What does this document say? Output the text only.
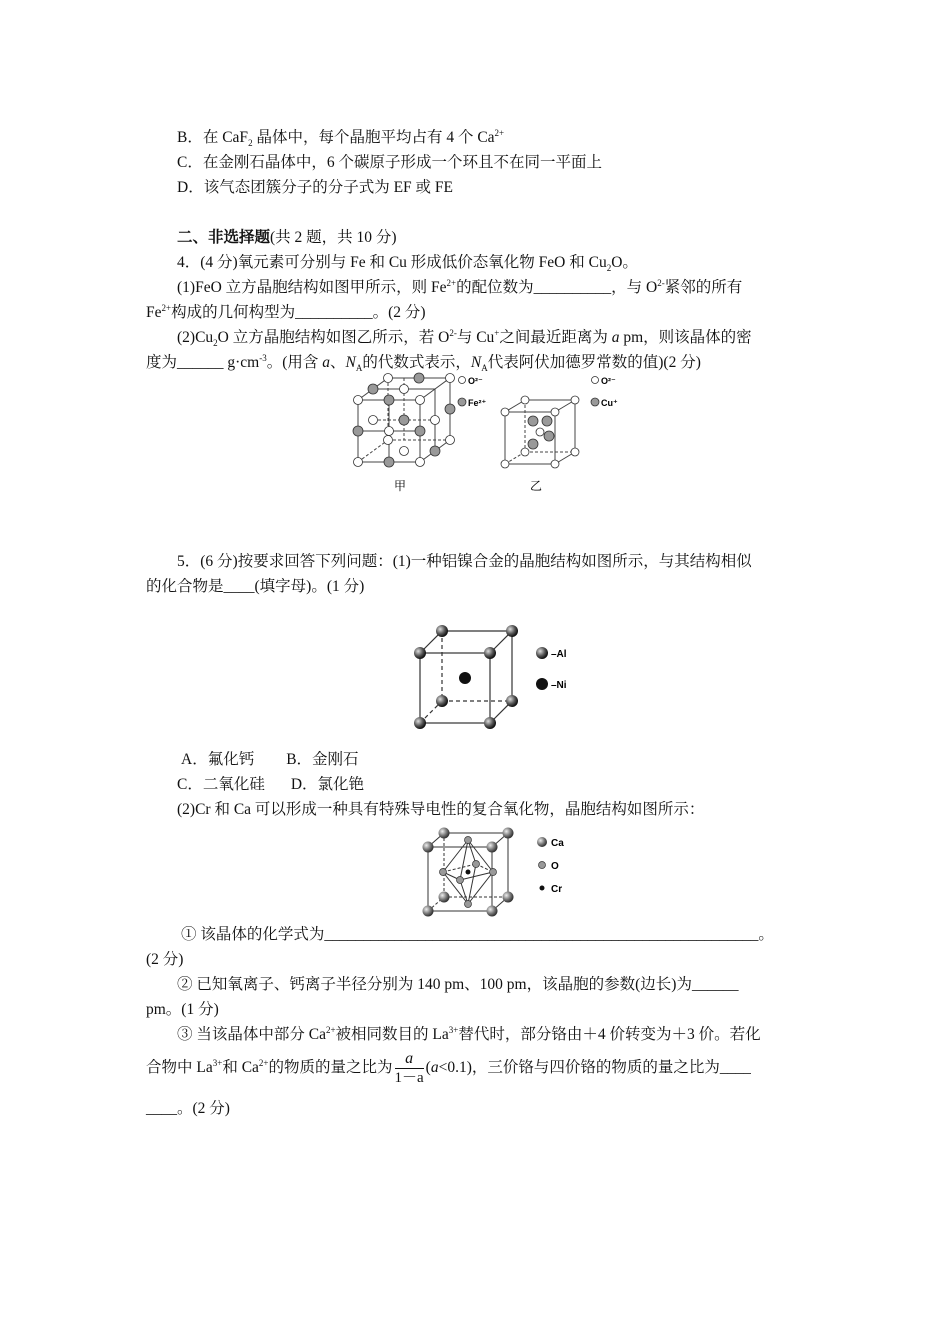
B．在 CaF$_2$ 晶体中，每个晶胞平均占有 4 个 $Ca^{2+}$
C．在金刚石晶体中，6 个碳原子形成一个环且不在同一平面上
D．该气态团簇分子的分子式为 EF 或 FE
二、非选择题(共 2 题，共 10 分)
4．(4 分)氧元素可分别与 Fe 和 Cu 形成低价态氧化物 FeO 和 $Cu_2O$。
(1)FeO 立方晶胞结构如图甲所示，则 $Fe^{2+}$的配位数为__________，与 $O^{2-}$紧邻的所有
$Fe^{2+}$构成的几何构型为__________。(2 分)
$(2)Cu_2O$ 立方晶胞结构如图乙所示，若 $O^{2-}$与 Cu+之间最近距离为 a pm，则该晶体的密
度为______ $g\cdot cm^{-3}$。(用含 a、$N_A$的代数式表示，$N_A$代表阿伏加德罗常数的值)(2 分)
O²⁻
Fe²⁺
甲
O²⁻
Cu⁺
乙
5．(6 分)按要求回答下列问题：(1)一种铝镍合金的晶胞结构如图所示，与其结构相似
的化合物是____(填字母)。(1 分)
–Al
–Ni
A．氟化钙 B．金刚石
C．二氧化硅 D．氯化铯
(2)Cr 和 Ca 可以形成一种具有特殊导电性的复合氧化物，晶胞结构如图所示：
Ca
O
Cr
① 该晶体的化学式为________________________________________________________。
(2 分)
② 已知氧离子、钙离子半径分别为 140 pm、100 pm，该晶胞的参数(边长)为______
pm。(1 分)
③ 当该晶体中部分 $Ca^{2+}$被相同数目的 $La^{3+}$替代时，部分铬由＋4 价转变为＋3 价。若化
合物中 $La^{3+}$和 $Ca^{2+}$的物质的量之比为 $\frac{a}{1-a} (a<0.1)$，三价铬与四价铬的物质的量之比为____
____。(2 分)
